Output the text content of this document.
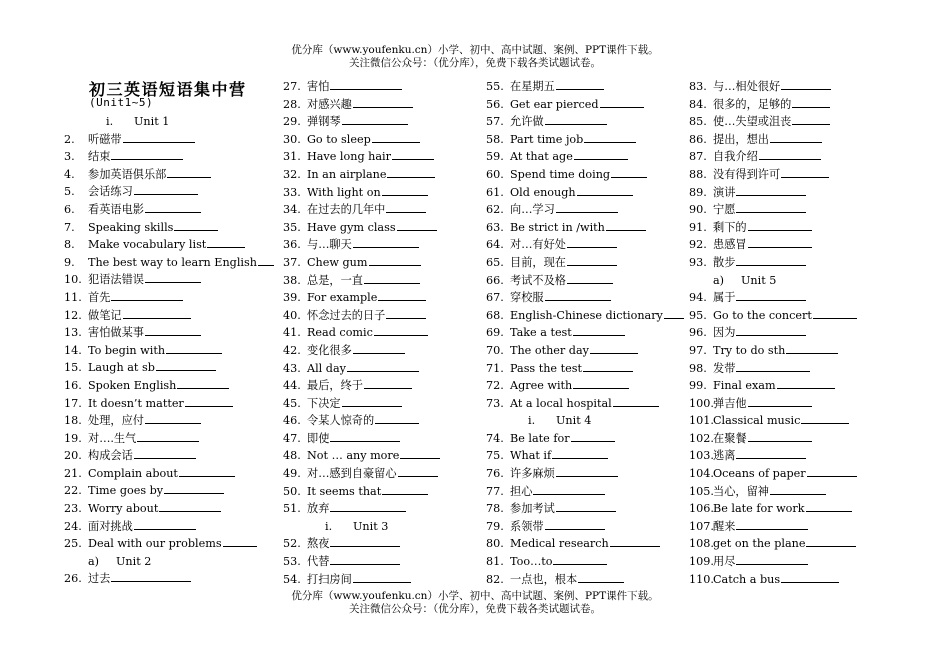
优分库（www.youfenku.cn）小学、初中、高中试题、案例、PPT课件下载。
关注微信公众号：（优分库），免费下载各类试题试卷。
初三英语短语集中营
(Unit1~5)
i. Unit 1
2. 听磁带
3. 结束
4. 参加英语俱乐部
5. 会话练习
6. 看英语电影
7. Speaking skills
8. Make vocabulary list
9. The best way to learn English
10. 犯语法错误
11. 首先
12. 做笔记
13. 害怕做某事
14. To begin with
15. Laugh at sb
16. Spoken English
17. It doesn’t matter
18. 处理，应付
19. 对….生气
20. 构成会话
21. Complain about
22. Time goes by
23. Worry about
24. 面对挑战
25. Deal with our problems
a) Unit 2
26. 过去
27. 害怕
28. 对感兴趣
29. 弹钢琴
30. Go to sleep
31. Have long hair
32. In an airplane
33. With light on
34. 在过去的几年中
35. Have gym class
36. 与…聊天
37. Chew gum
38. 总是，一直
39. For example
40. 怀念过去的日子
41. Read comic
42. 变化很多
43. All day
44. 最后，终于
45. 下决定
46. 令某人惊奇的
47. 即使
48. Not … any more
49. 对…感到自豪留心
50. It seems that
51. 放弃
i. Unit 3
52. 熬夜
53. 代替
54. 打扫房间
55. 在星期五
56. Get ear pierced
57. 允许做
58. Part time job
59. At that age
60. Spend time doing
61. Old enough
62. 向…学习
63. Be strict in /with
64. 对…有好处
65. 目前，现在
66. 考试不及格
67. 穿校服
68. English-Chinese dictionary
69. Take a test
70. The other day
71. Pass the test
72. Agree with
73. At a local hospital
i. Unit 4
74. Be late for
75. What if
76. 许多麻烦
77. 担心
78. 参加考试
79. 系领带
80. Medical research
81. Too…to
82. 一点也，根本
83. 与…相处很好
84. 很多的，足够的
85. 使…失望或沮丧
86. 提出，想出
87. 自我介绍
88. 没有得到许可
89. 演讲
90. 宁愿
91. 剩下的
92. 患感冒
93. 散步
a) Unit 5
94. 属于
95. Go to the concert
96. 因为
97. Try to do sth
98. 发带
99. Final exam
100. 弹吉他
101. Classical music
102. 在聚餐
103. 逃离
104. Oceans of paper
105. 当心，留神
106. Be late for work
107. 醒来
108. get on the plane
109. 用尽
110. Catch a bus
优分库（www.youfenku.cn）小学、初中、高中试题、案例、PPT课件下载。
关注微信公众号：（优分库），免费下载各类试题试卷。
